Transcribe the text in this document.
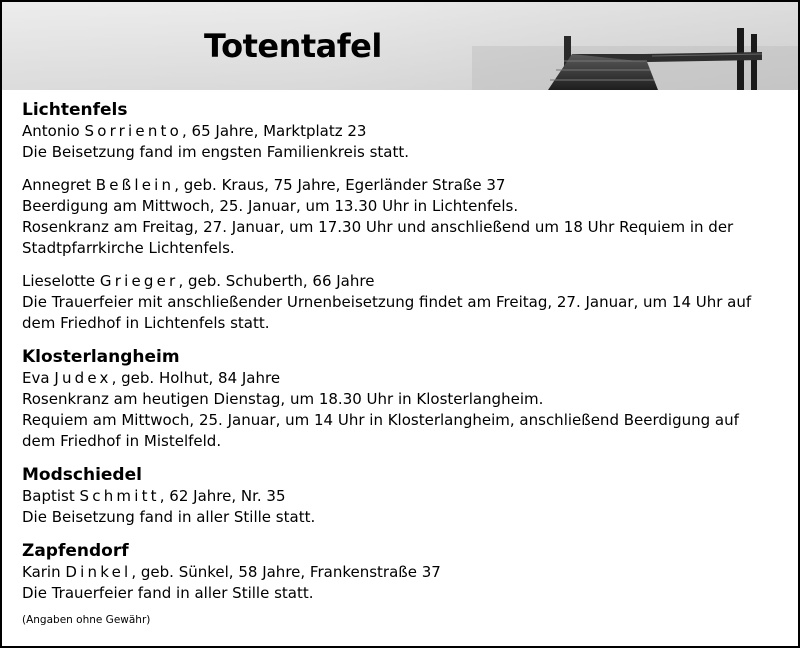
Totentafel
Lichtenfels
Antonio Sorriento, 65 Jahre, Marktplatz 23
Die Beisetzung fand im engsten Familienkreis statt.
Annegret Beßlein, geb. Kraus, 75 Jahre, Egerländer Straße 37
Beerdigung am Mittwoch, 25. Januar, um 13.30 Uhr in Lichtenfels.
Rosenkranz am Freitag, 27. Januar, um 17.30 Uhr und anschließend um 18 Uhr Requiem in der
Stadtpfarrkirche Lichtenfels.
Lieselotte Grieger, geb. Schuberth, 66 Jahre
Die Trauerfeier mit anschließender Urnenbeisetzung findet am Freitag, 27. Januar, um 14 Uhr auf
dem Friedhof in Lichtenfels statt.
Klosterlangheim
Eva Judex, geb. Holhut, 84 Jahre
Rosenkranz am heutigen Dienstag, um 18.30 Uhr in Klosterlangheim.
Requiem am Mittwoch, 25. Januar, um 14 Uhr in Klosterlangheim, anschließend Beerdigung auf
dem Friedhof in Mistelfeld.
Modschiedel
Baptist Schmitt, 62 Jahre, Nr. 35
Die Beisetzung fand in aller Stille statt.
Zapfendorf
Karin Dinkel, geb. Sünkel, 58 Jahre, Frankenstraße 37
Die Trauerfeier fand in aller Stille statt.
(Angaben ohne Gewähr)
